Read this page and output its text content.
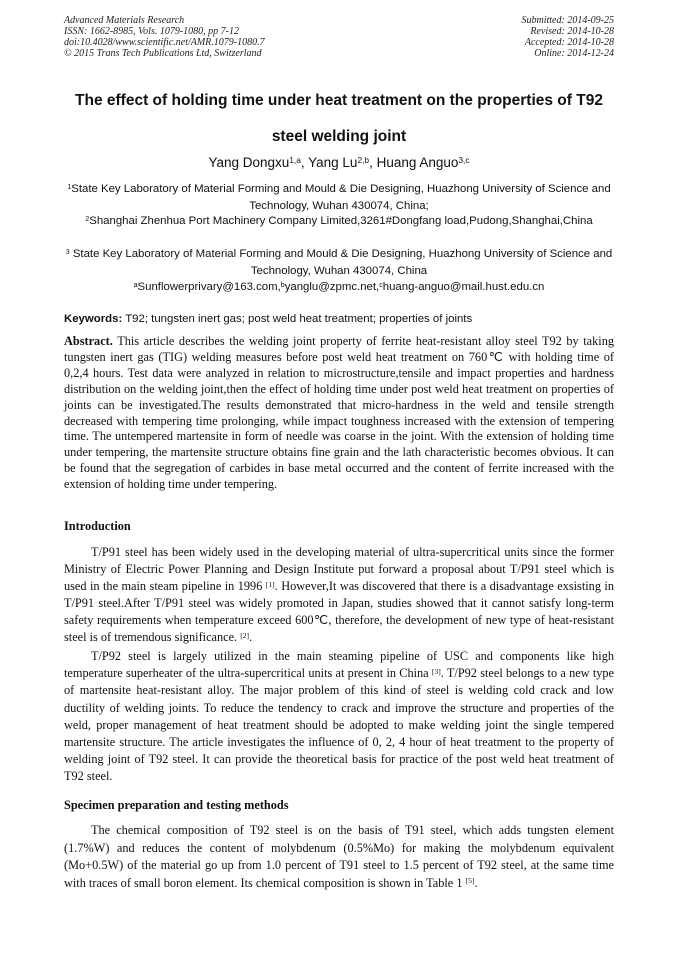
Advanced Materials Research
ISSN: 1662-8985, Vols. 1079-1080, pp 7-12
doi:10.4028/www.scientific.net/AMR.1079-1080.7
© 2015 Trans Tech Publications Ltd, Switzerland
Submitted: 2014-09-25
Revised: 2014-10-28
Accepted: 2014-10-28
Online: 2014-12-24
The effect of holding time under heat treatment on the properties of T92
steel welding joint
Yang Dongxu$^{1,a}$, Yang Lu$^{2,b}$, Huang Anguo$^{3,c}$
$^1$State Key Laboratory of Material Forming and Mould & Die Designing, Huazhong University of Science and Technology, Wuhan 430074, China;
$^2$Shanghai Zhenhua Port Machinery Company Limited,3261#Dongfang load,Pudong,Shanghai,China
$^3$ State Key Laboratory of Material Forming and Mould & Die Designing, Huazhong University of Science and Technology, Wuhan 430074, China
$^a$Sunflowerprivary@163.com,$^b$yanglu@zpmc.net,$^c$huang-anguo@mail.hust.edu.cn
Keywords: T92; tungsten inert gas; post weld heat treatment; properties of joints
Abstract. This article describes the welding joint property of ferrite heat-resistant alloy steel T92 by taking tungsten inert gas (TIG) welding measures before post weld heat treatment on 760℃ with holding time of 0,2,4 hours. Test data were analyzed in relation to microstructure,tensile and impact properties and hardness distribution on the welding joint,then the effect of holding time under post weld heat treatment on properties of joints can be investigated.The results demonstrated that micro-hardness in the weld and tensile strength decreased with tempering time prolonging, while impact toughness increased with the extension of tempering time. The untempered martensite in form of needle was coarse in the joint. With the extension of holding time under tempering, the martensite structure obtains fine grain and the lath characteristic becomes obvious. It can be found that the segregation of carbides in base metal occurred and the content of ferrite increased with the extension of holding time under tempering.
Introduction
T/P91 steel has been widely used in the developing material of ultra-supercritical units since the former Ministry of Electric Power Planning and Design Institute put forward a proposal about T/P91 steel which is used in the main steam pipeline in 1996 [1]. However,It was discovered that there is a disadvantage exsisting in T/P91 steel.After T/P91 steel was widely promoted in Japan, studies showed that it cannot satisfy long-term safety requirements when temperature exceed 600℃, therefore, the development of new type of heat-resistant steel is of tremendous significance. [2].
T/P92 steel is largely utilized in the main steaming pipeline of USC and components like high temperature superheater of the ultra-supercritical units at present in China [3]. T/P92 steel belongs to a new type of martensite heat-resistant alloy. The major problem of this kind of steel is welding cold crack and low ductility of welding joints. To reduce the tendency to crack and improve the structure and properties of the weld, proper management of heat treatment should be adopted to make welding joint the single tempered martensite structure. The article investigates the influence of 0, 2, 4 hour of heat treatment to the property of welding joint of T92 steel. It can provide the theoretical basis for practice of the post weld heat treatment of T92 steel.
Specimen preparation and testing methods
The chemical composition of T92 steel is on the basis of T91 steel, which adds tungsten element (1.7%W) and reduces the content of molybdenum (0.5%Mo) for making the molybdenum equivalent (Mo+0.5W) of the material go up from 1.0 percent of T91 steel to 1.5 percent of T92 steel, at the same time with traces of small boron element. Its chemical composition is shown in Table 1 [5].
